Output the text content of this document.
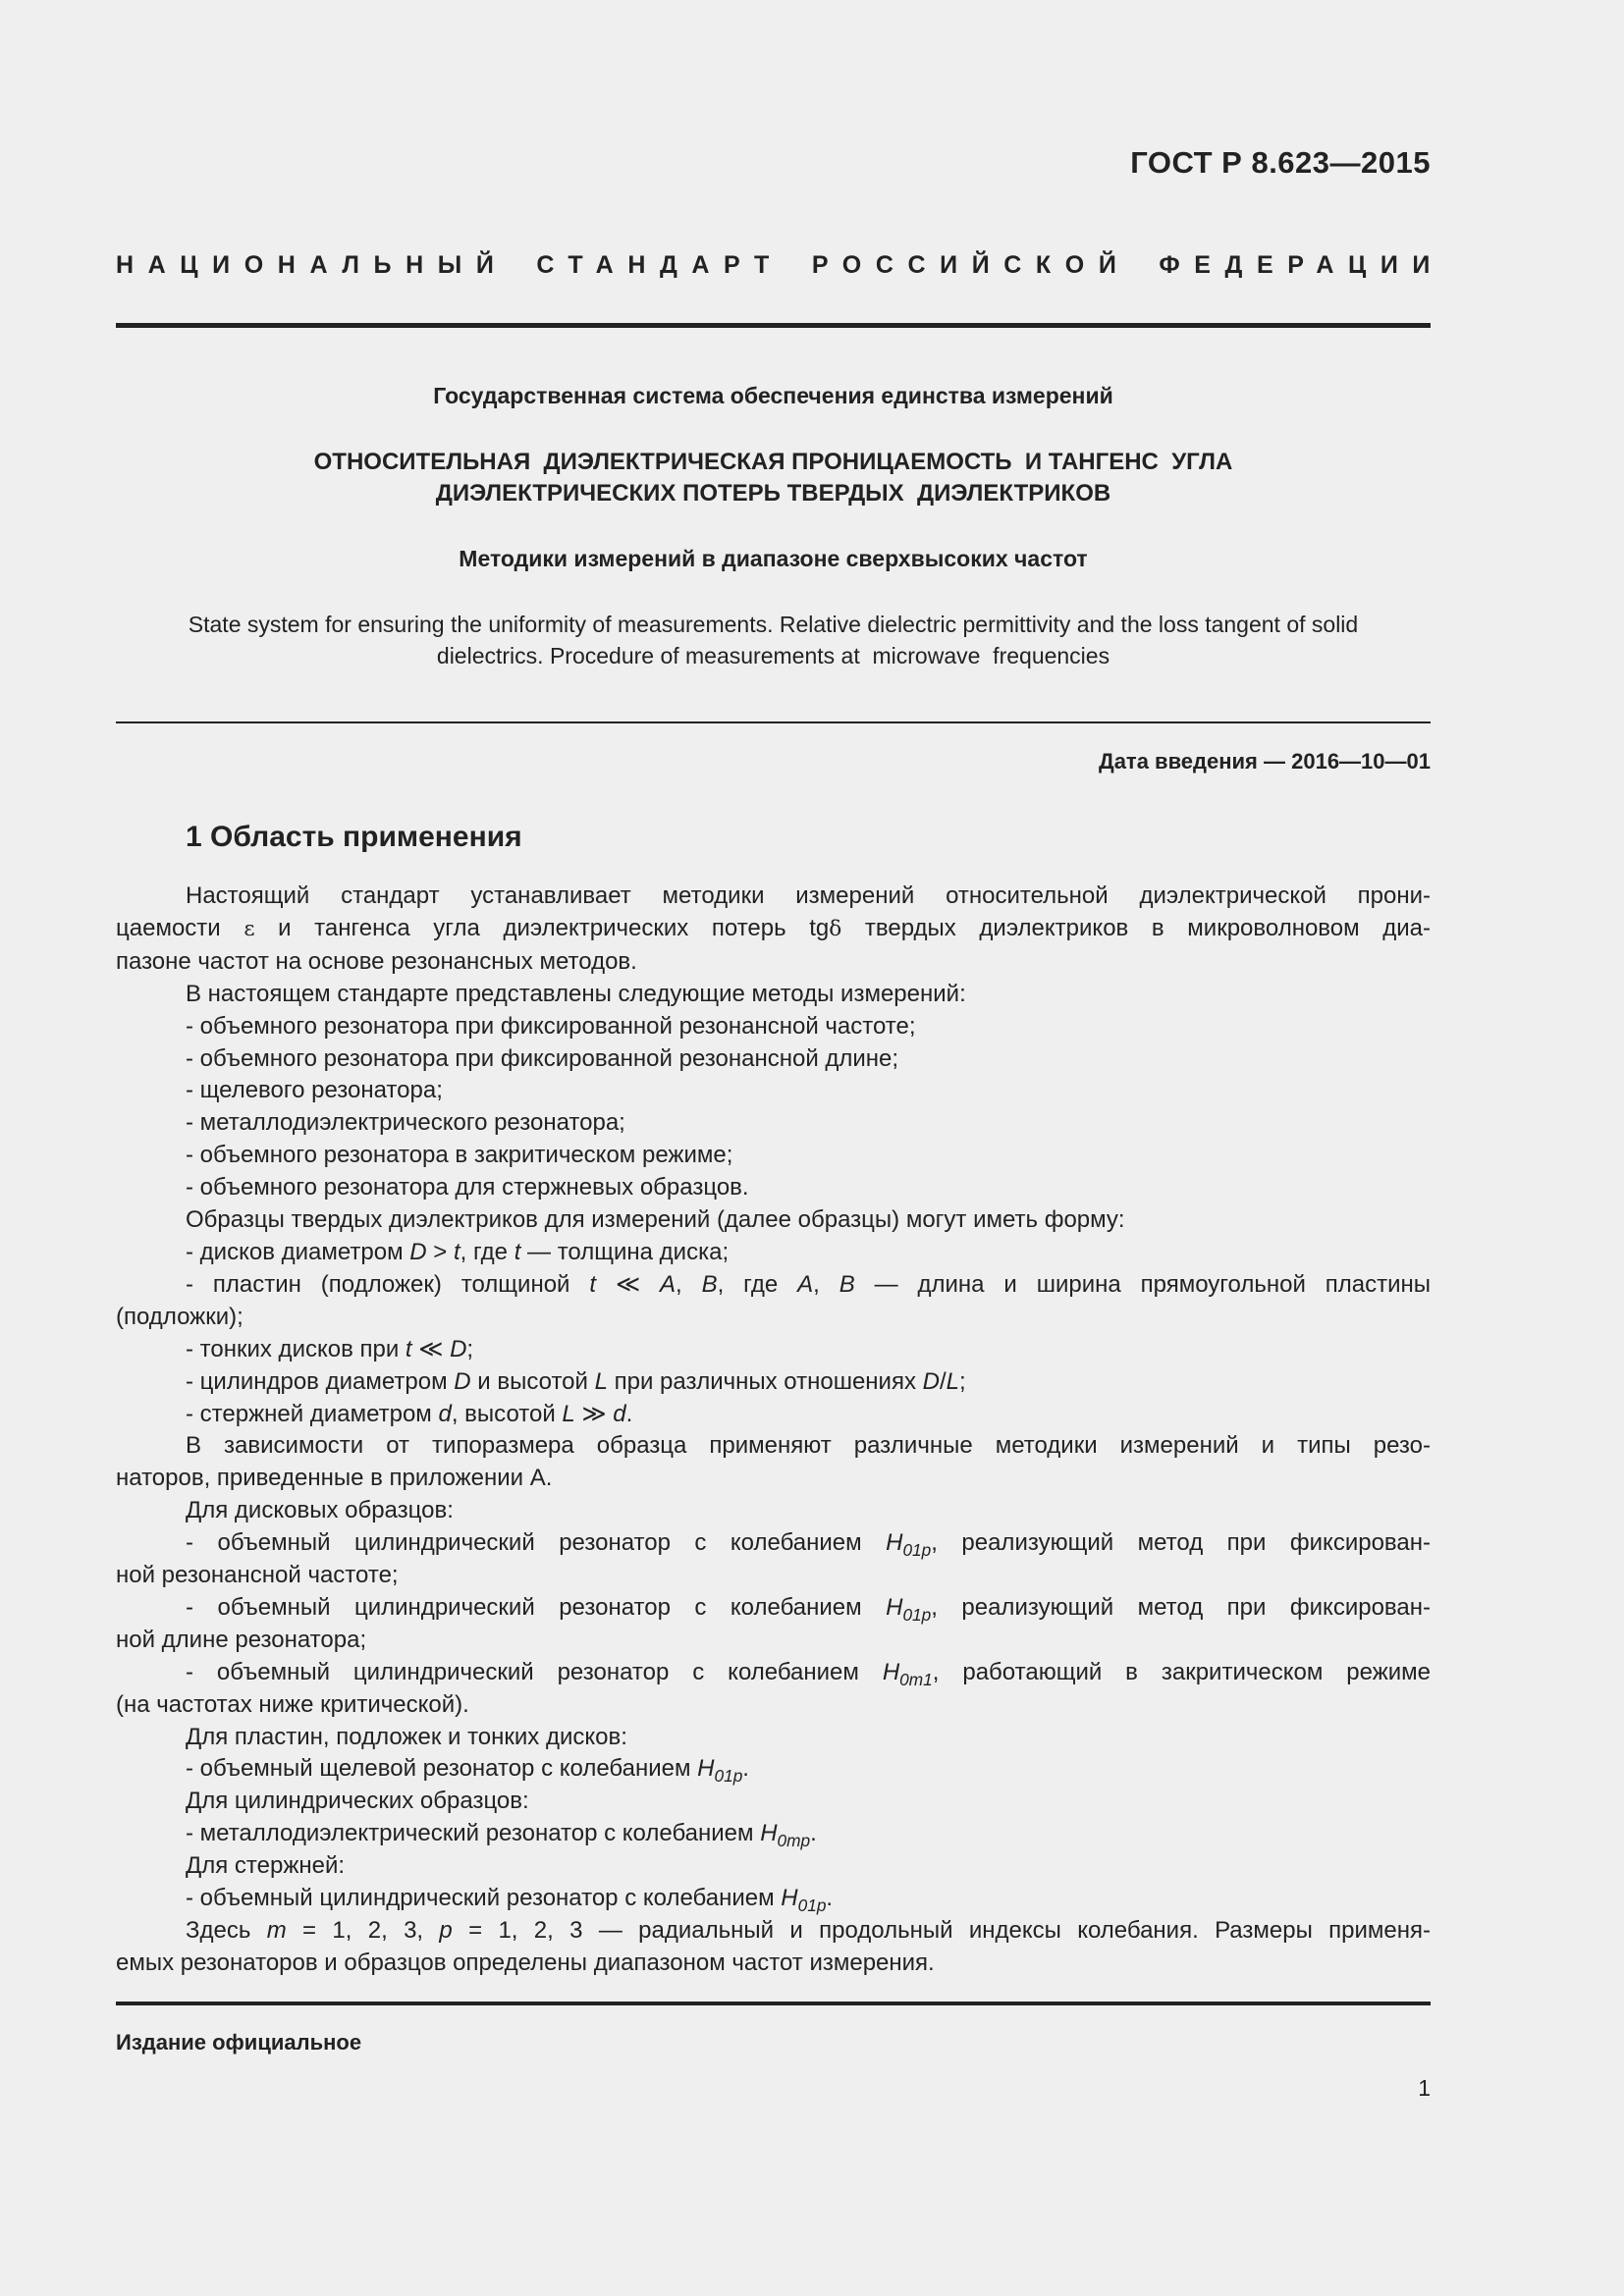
ГОСТ Р 8.623—2015
НАЦИОНАЛЬНЫЙ СТАНДАРТ РОССИЙСКОЙ ФЕДЕРАЦИИ
Государственная система обеспечения единства измерений
ОТНОСИТЕЛЬНАЯ  ДИЭЛЕКТРИЧЕСКАЯ ПРОНИЦАЕМОСТЬ  И ТАНГЕНС  УГЛА
ДИЭЛЕКТРИЧЕСКИХ ПОТЕРЬ ТВЕРДЫХ  ДИЭЛЕКТРИКОВ
Методики измерений в диапазоне сверхвысоких частот
State system for ensuring the uniformity of measurements. Relative dielectric permittivity and the loss tangent of solid
dielectrics. Procedure of measurements at  microwave  frequencies
Дата введения — 2016—10—01
1 Область применения

Настоящий стандарт устанавливает методики измерений относительной диэлектрической прони-

цаемости ε и тангенса угла диэлектрических потерь tgδ твердых диэлектриков в микроволновом диа-

пазоне частот на основе резонансных методов.

В настоящем стандарте представлены следующие методы измерений:

- объемного резонатора при фиксированной резонансной частоте;

- объемного резонатора при фиксированной резонансной длине;

- щелевого резонатора;

- металлодиэлектрического резонатора;

- объемного резонатора в закритическом режиме;

- объемного резонатора для стержневых образцов.

Образцы твердых диэлектриков для измерений (далее образцы) могут иметь форму:

- дисков диаметром D > t, где t — толщина диска;

- пластин (подложек) толщиной t ≪ A, B, где A, B — длина и ширина прямоугольной пластины

(подложки);

- тонких дисков при t ≪ D;

- цилиндров диаметром D и высотой L при различных отношениях D/L;

- стержней диаметром d, высотой L ≫ d.

В зависимости от типоразмера образца применяют различные методики измерений и типы резо-

наторов, приведенные в приложении А.

Для дисковых образцов:

- объемный цилиндрический резонатор с колебанием $H_{01p}$, реализующий метод при фиксирован-

ной резонансной частоте;

- объемный цилиндрический резонатор с колебанием $H_{01p}$, реализующий метод при фиксирован-

ной длине резонатора;

- объемный цилиндрический резонатор с колебанием $H_{0m1}$, работающий в закритическом режиме

(на частотах ниже критической).

Для пластин, подложек и тонких дисков:

- объемный щелевой резонатор с колебанием $H_{01p}$.

Для цилиндрических образцов:

- металлодиэлектрический резонатор с колебанием $H_{0mp}$.

Для стержней:

- объемный цилиндрический резонатор с колебанием $H_{01p}$.

Здесь m = 1, 2, 3, p = 1, 2, 3 — радиальный и продольный индексы колебания. Размеры применя-

емых резонаторов и образцов определены диапазоном частот измерения.

Издание официальное
1
